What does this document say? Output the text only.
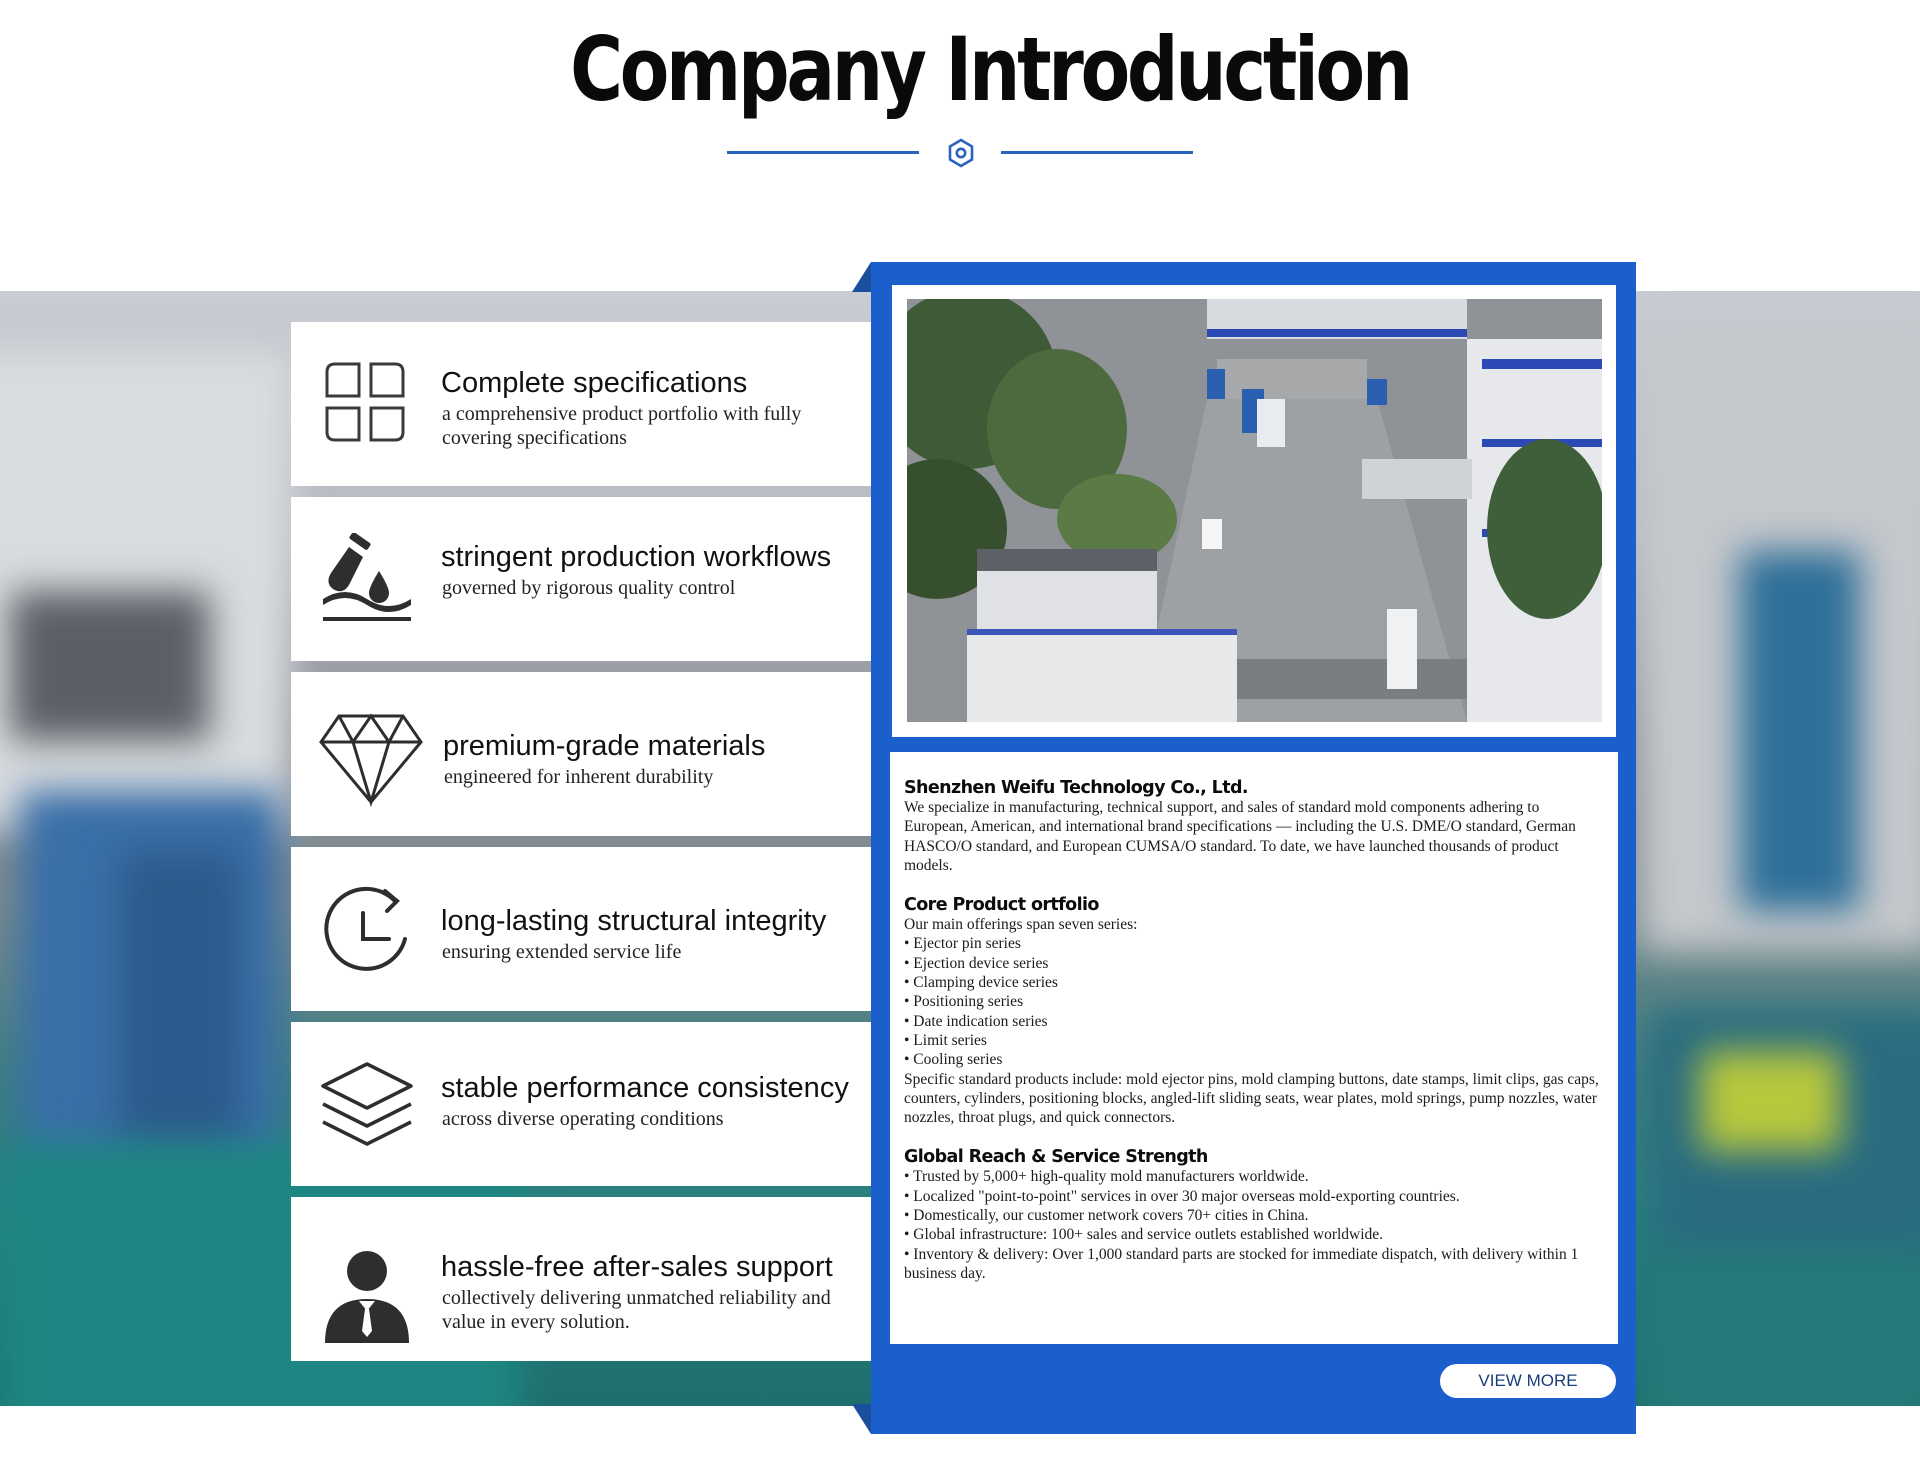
Company Introduction
Complete specifications
a comprehensive product portfolio with fully covering specifications
stringent production workflows
governed by rigorous quality control
premium-grade materials
engineered for inherent durability
long-lasting structural integrity
ensuring extended service life
stable performance consistency
across diverse operating conditions
hassle-free after-sales support
collectively delivering unmatched reliability and value in every solution.
Shenzhen Weifu Technology Co., Ltd.

We specialize in manufacturing, technical support, and sales of standard mold components adhering to European, American, and international brand specifications — including the U.S. DME/O standard, German HASCO/O standard, and European CUMSA/O standard. To date, we have launched thousands of product models.

Core Product ortfolio

Our main offerings span seven series:

• Ejector pin series
• Ejection device series
• Clamping device series
• Positioning series
• Date indication series
• Limit series
• Cooling series

Specific standard products include: mold ejector pins, mold clamping buttons, date stamps, limit clips, gas caps, counters, cylinders, positioning blocks, angled-lift sliding seats, wear plates, mold springs, pump nozzles, water nozzles, throat plugs, and quick connectors.

Global Reach & Service Strength
• Trusted by 5,000+ high-quality mold manufacturers worldwide.
• Localized "point-to-point" services in over 30 major overseas mold-exporting countries.
• Domestically, our customer network covers 70+ cities in China.
• Global infrastructure: 100+ sales and service outlets established worldwide.
• Inventory & delivery: Over 1,000 standard parts are stocked for immediate dispatch, with delivery within 1 business day.
VIEW MORE
